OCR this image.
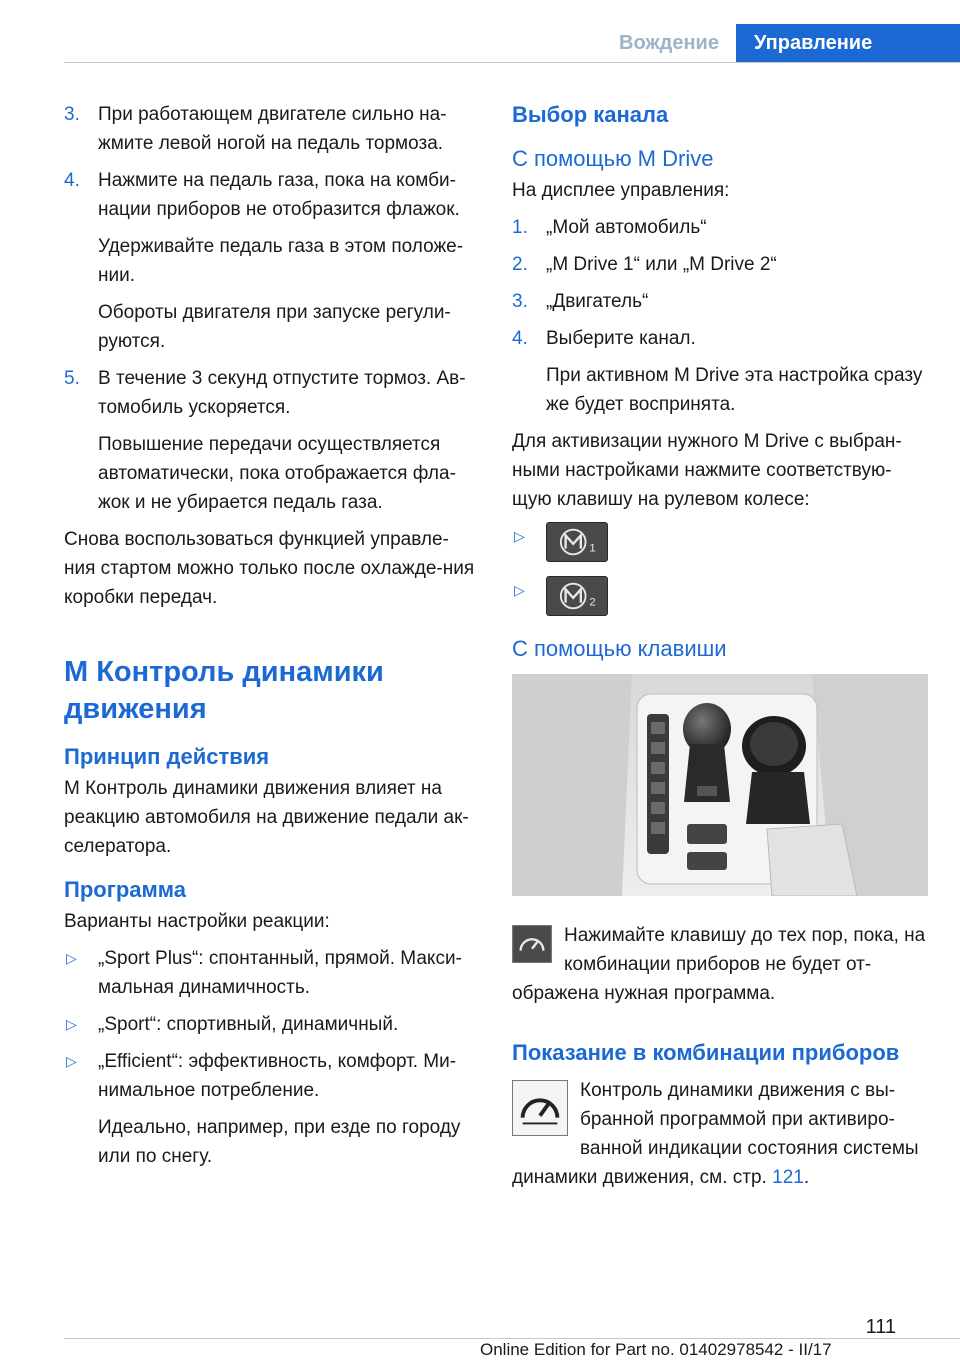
Вождение	Управление
3. При работающем двигателе сильно на-жмите левой ногой на педаль тормоза.

4. Нажмите на педаль газа, пока на комби-нации приборов не отобразится флажок.

Удерживайте педаль газа в этом положе-нии.

Обороты двигателя при запуске регули-руются.

5. В течение 3 секунд отпустите тормоз. Ав-томобиль ускоряется.

Повышение передачи осуществляется автоматически, пока отображается фла-жок и не убирается педаль газа.

Снова воспользоваться функцией управле-ния стартом можно только после охлажде-ния коробки передач.
M Контроль динамики движения
Принцип действия
M Контроль динамики движения влияет на реакцию автомобиля на движение педали ак-селератора.
Программа
Варианты настройки реакции:
▷ „Sport Plus“: спонтанный, прямой. Макси-мальная динамичность.

▷ „Sport“: спортивный, динамичный.

▷ „Efficient“: эффективность, комфорт. Ми-нимальное потребление.

Идеально, например, при езде по городу или по снегу.

Выбор канала
С помощью M Drive
На дисплее управления:
1. „Мой автомобиль“

2. „M Drive 1“ или „M Drive 2“

3. „Двигатель“

4. Выберите канал.

При активном M Drive эта настройка сразу же будет воспринята.

Для активизации нужного M Drive с выбран-ными настройками нажмите соответствую-щую клавишу на рулевом колесе:
▷
1
▷
2
С помощью клавиши
Нажимайте клавишу до тех пор, пока, на комбинации приборов не будет от-ображена нужная программа.
Показание в комбинации приборов
Контроль динамики движения с вы-бранной программой при активиро-ванной индикации состояния системы динамики движения, см. стр. 121.
111
Online Edition for Part no. 01402978542 - II/17
